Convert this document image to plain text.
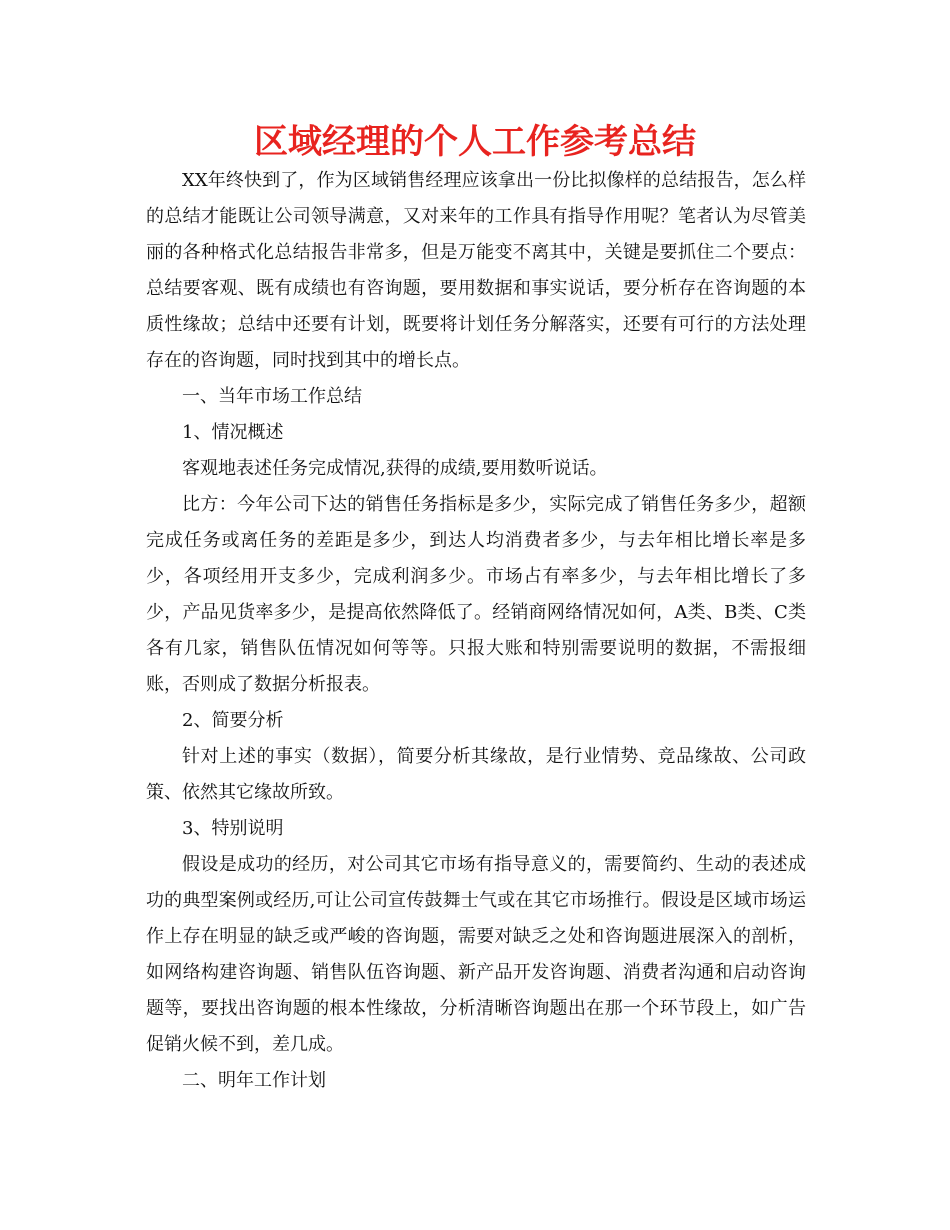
区域经理的个人工作参考总结

XX年终快到了，作为区域销售经理应该拿出一份比拟像样的总结报告，怎么样的总结才能既让公司领导满意，又对来年的工作具有指导作用呢？笔者认为尽管美丽的各种格式化总结报告非常多，但是万能变不离其中，关键是要抓住二个要点：总结要客观、既有成绩也有咨询题，要用数据和事实说话，要分析存在咨询题的本质性缘故；总结中还要有计划，既要将计划任务分解落实，还要有可行的方法处理存在的咨询题，同时找到其中的增长点。

一、当年市场工作总结

1、情况概述

客观地表述任务完成情况,获得的成绩,要用数听说话。

比方：今年公司下达的销售任务指标是多少，实际完成了销售任务多少，超额完成任务或离任务的差距是多少，到达人均消费者多少，与去年相比增长率是多少，各项经用开支多少，完成利润多少。市场占有率多少，与去年相比增长了多少，产品见货率多少，是提高依然降低了。经销商网络情况如何，A类、B类、C类各有几家，销售队伍情况如何等等。只报大账和特别需要说明的数据，不需报细账，否则成了数据分析报表。

2、简要分析

针对上述的事实（数据），简要分析其缘故，是行业情势、竞品缘故、公司政策、依然其它缘故所致。

3、特别说明

假设是成功的经历，对公司其它市场有指导意义的，需要简约、生动的表述成功的典型案例或经历,可让公司宣传鼓舞士气或在其它市场推行。假设是区域市场运作上存在明显的缺乏或严峻的咨询题，需要对缺乏之处和咨询题进展深入的剖析，如网络构建咨询题、销售队伍咨询题、新产品开发咨询题、消费者沟通和启动咨询题等，要找出咨询题的根本性缘故，分析清晰咨询题出在那一个环节段上，如广告促销火候不到，差几成。

二、明年工作计划
